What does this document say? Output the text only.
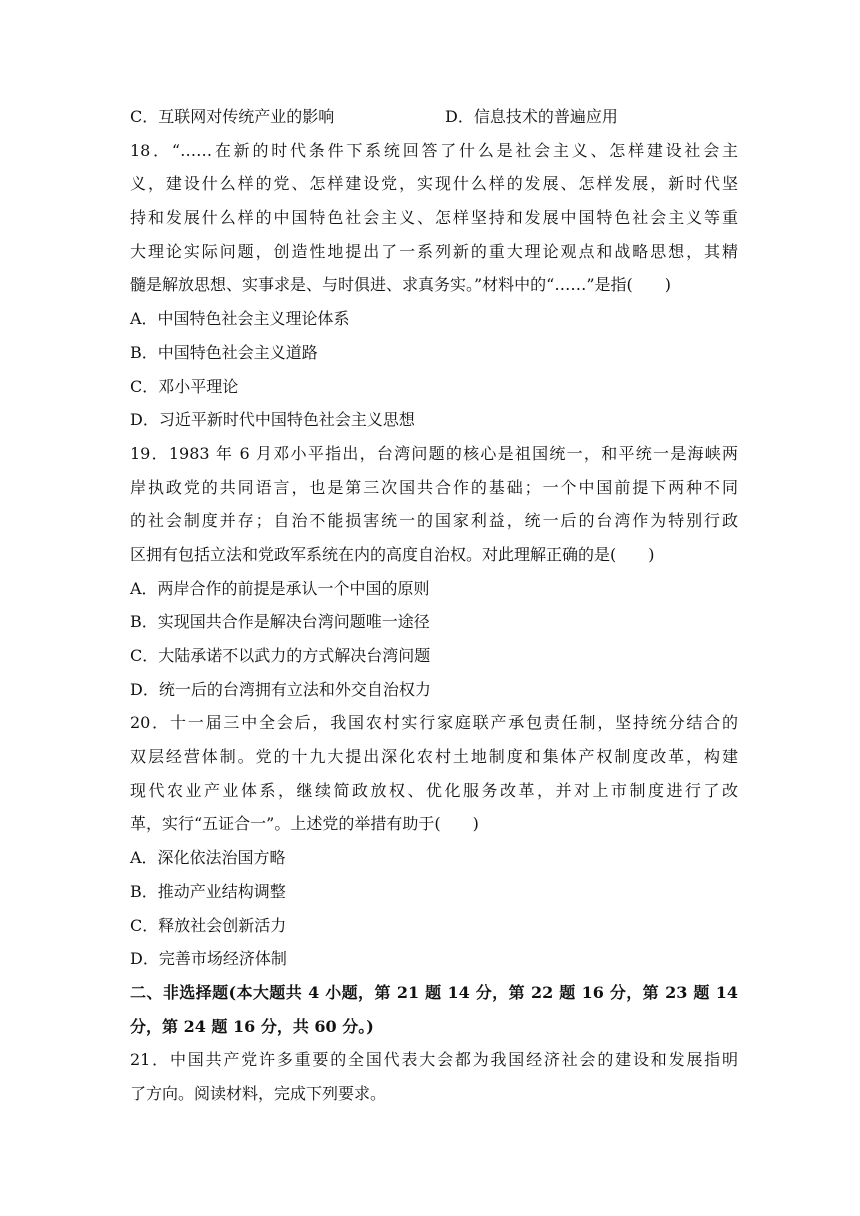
C．互联网对传统产业的影响	D．信息技术的普遍应用
18．“……在新的时代条件下系统回答了什么是社会主义、怎样建设社会主
义，建设什么样的党、怎样建设党，实现什么样的发展、怎样发展，新时代坚
持和发展什么样的中国特色社会主义、怎样坚持和发展中国特色社会主义等重
大理论实际问题，创造性地提出了一系列新的重大理论观点和战略思想，其精
髓是解放思想、实事求是、与时俱进、求真务实。”材料中的“……”是指(　　)
A．中国特色社会主义理论体系
B．中国特色社会主义道路
C．邓小平理论
D．习近平新时代中国特色社会主义思想
19．1983 年 6 月邓小平指出，台湾问题的核心是祖国统一，和平统一是海峡两
岸执政党的共同语言，也是第三次国共合作的基础；一个中国前提下两种不同
的社会制度并存；自治不能损害统一的国家利益，统一后的台湾作为特别行政
区拥有包括立法和党政军系统在内的高度自治权。对此理解正确的是(　　)
A．两岸合作的前提是承认一个中国的原则
B．实现国共合作是解决台湾问题唯一途径
C．大陆承诺不以武力的方式解决台湾问题
D．统一后的台湾拥有立法和外交自治权力
20．十一届三中全会后，我国农村实行家庭联产承包责任制，坚持统分结合的
双层经营体制。党的十九大提出深化农村土地制度和集体产权制度改革，构建
现代农业产业体系，继续简政放权、优化服务改革，并对上市制度进行了改
革，实行“五证合一”。上述党的举措有助于(　　)
A．深化依法治国方略
B．推动产业结构调整
C．释放社会创新活力
D．完善市场经济体制
二、非选择题(本大题共 4 小题，第 21 题 14 分，第 22 题 16 分，第 23 题 14
分，第 24 题 16 分，共 60 分。)
21．中国共产党许多重要的全国代表大会都为我国经济社会的建设和发展指明
了方向。阅读材料，完成下列要求。
